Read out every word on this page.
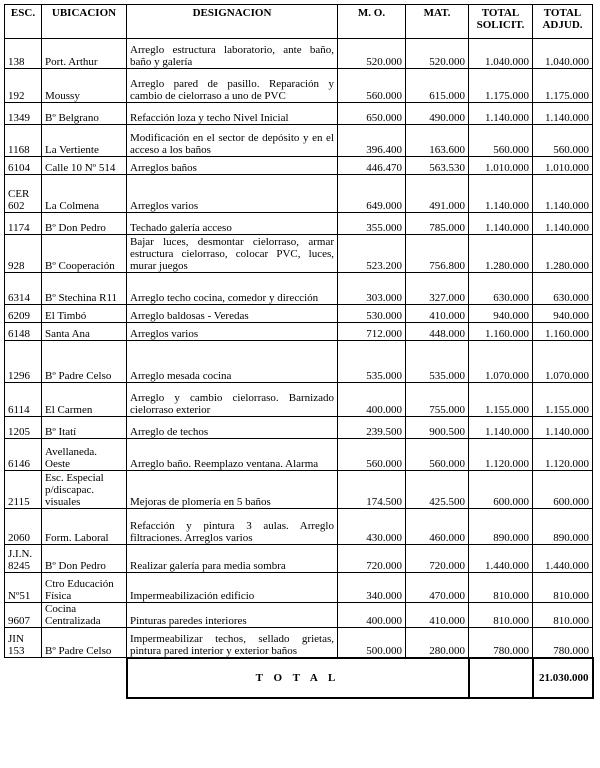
ESC.	UBICACION	DESIGNACION	M. O.	MAT.	TOTAL SOLICIT.	TOTAL ADJUD.
138	Port. Arthur	Arreglo estructura laboratorio, ante baño, baño y galería	520.000	520.000	1.040.000	1.040.000
192	Moussy	Arreglo pared de pasillo. Reparación y cambio de cielorraso a uno de PVC	560.000	615.000	1.175.000	1.175.000
1349	Bº Belgrano	Refacción loza y techo Nivel Inicial	650.000	490.000	1.140.000	1.140.000
1168	La Vertiente	Modificación en el sector de depósito y en el acceso a los baños	396.400	163.600	560.000	560.000
6104	Calle 10 Nº 514	Arreglos baños	446.470	563.530	1.010.000	1.010.000
CER 602	La Colmena	Arreglos varios	649.000	491.000	1.140.000	1.140.000
1174	Bº Don Pedro	Techado galería acceso	355.000	785.000	1.140.000	1.140.000
928	Bº Cooperación	Bajar luces, desmontar cielorraso, armar estructura cielorraso, colocar PVC, luces, murar juegos	523.200	756.800	1.280.000	1.280.000
6314	Bº Stechina R11	Arreglo techo cocina, comedor y dirección	303.000	327.000	630.000	630.000
6209	El Timbó	Arreglo baldosas - Veredas	530.000	410.000	940.000	940.000
6148	Santa Ana	Arreglos varios	712.000	448.000	1.160.000	1.160.000
1296	Bº Padre Celso	Arreglo mesada cocina	535.000	535.000	1.070.000	1.070.000
6114	El Carmen	Arreglo y cambio cielorraso. Barnizado cielorraso exterior	400.000	755.000	1.155.000	1.155.000
1205	Bº Itatí	Arreglo de techos	239.500	900.500	1.140.000	1.140.000
6146	Avellaneda. Oeste	Arreglo baño. Reemplazo ventana. Alarma	560.000	560.000	1.120.000	1.120.000
2115	Esc. Especial p/discapac. visuales	Mejoras de plomería en 5 baños	174.500	425.500	600.000	600.000
2060	Form. Laboral	Refacción y pintura 3 aulas. Arreglo filtraciones. Arreglos varios	430.000	460.000	890.000	890.000
J.I.N. 8245	Bº Don Pedro	Realizar galería para media sombra	720.000	720.000	1.440.000	1.440.000
Nº51	Ctro Educación Física	Impermeabilización edificio	340.000	470.000	810.000	810.000
9607	Cocina Centralizada	Pinturas paredes interiores	400.000	410.000	810.000	810.000
JIN 153	Bº Padre Celso	Impermeabilizar techos, sellado grietas, pintura pared interior y exterior baños	500.000	280.000	780.000	780.000
		T O T A L				21.030.000
